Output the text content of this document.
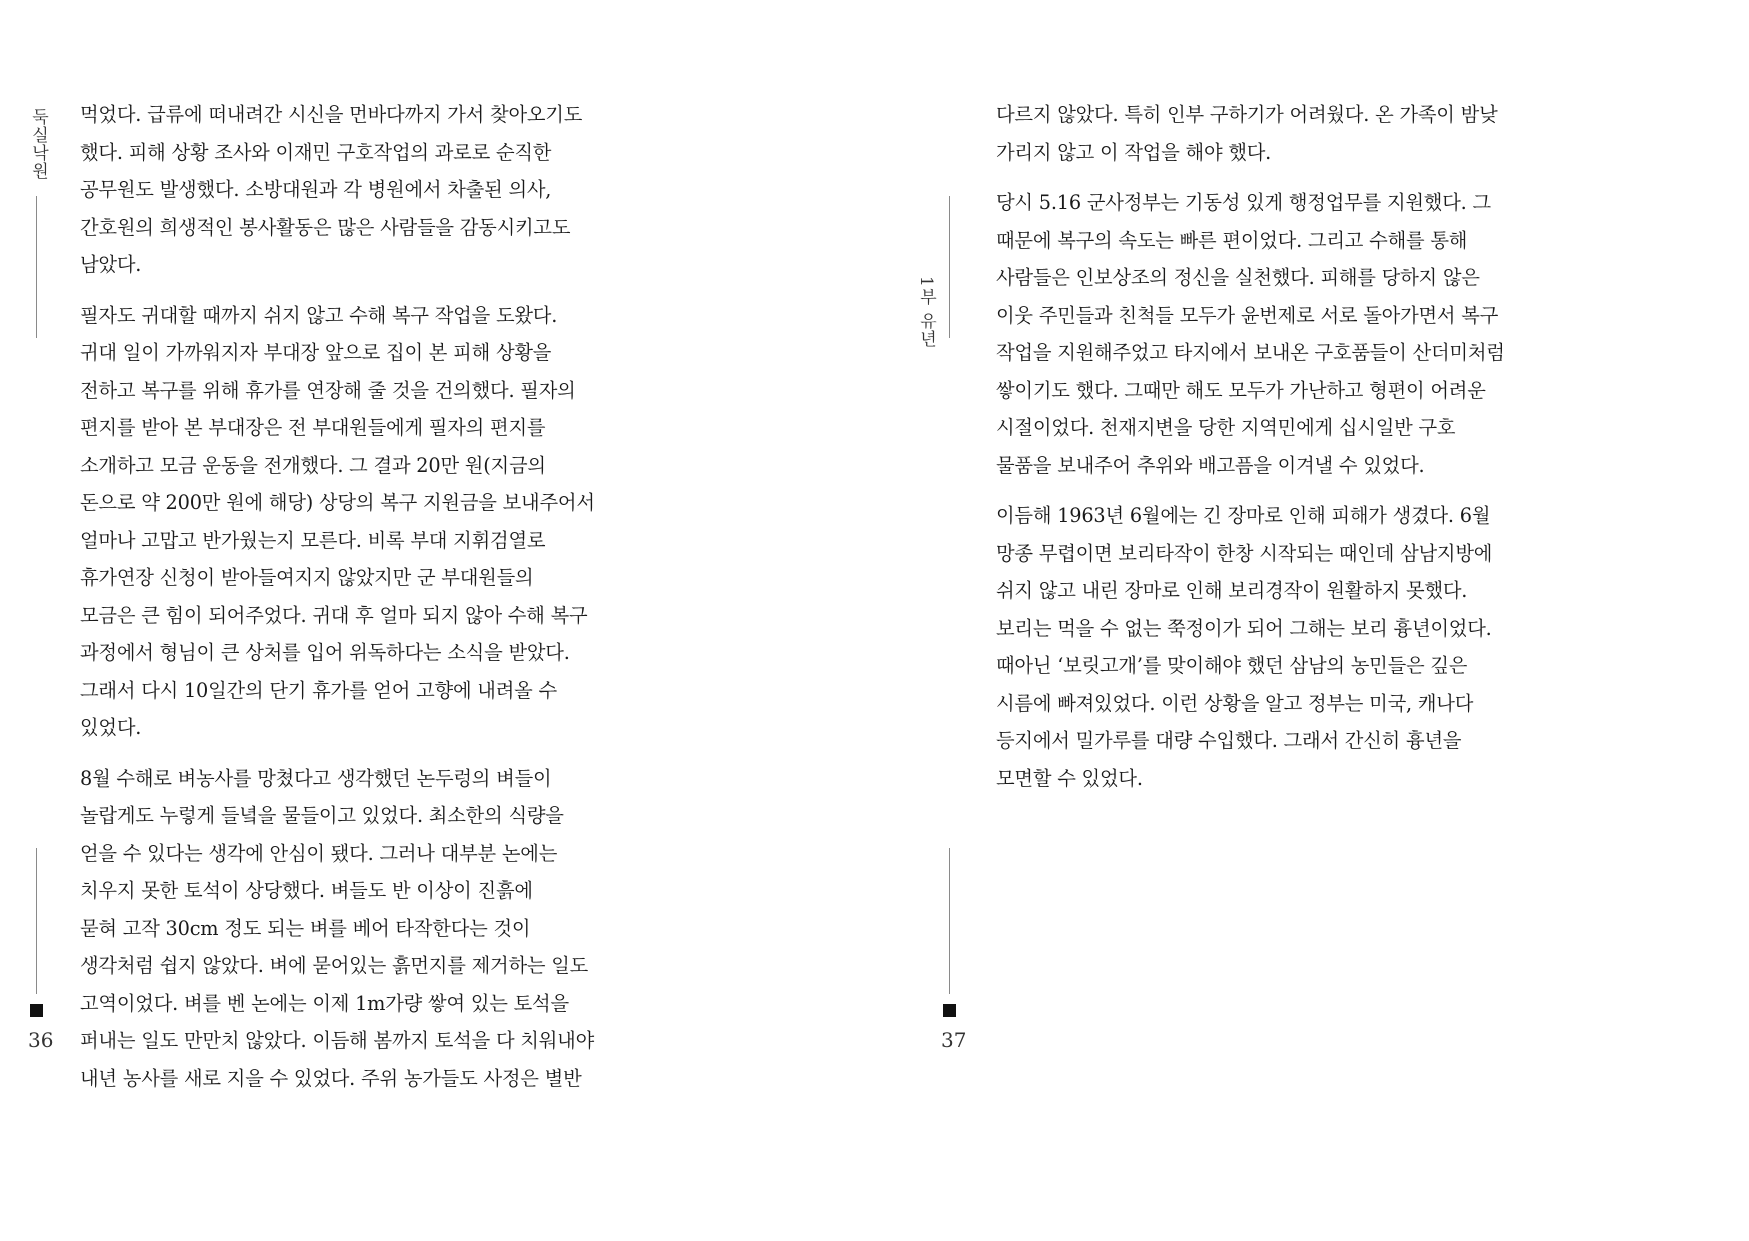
둑실낙원
36

먹었다. 급류에 떠내려간 시신을 먼바다까지 가서 찾아오기도
했다. 피해 상황 조사와 이재민 구호작업의 과로로 순직한
공무원도 발생했다. 소방대원과 각 병원에서 차출된 의사,
간호원의 희생적인 봉사활동은 많은 사람들을 감동시키고도
남았다.

필자도 귀대할 때까지 쉬지 않고 수해 복구 작업을 도왔다.
귀대 일이 가까워지자 부대장 앞으로 집이 본 피해 상황을
전하고 복구를 위해 휴가를 연장해 줄 것을 건의했다. 필자의
편지를 받아 본 부대장은 전 부대원들에게 필자의 편지를
소개하고 모금 운동을 전개했다. 그 결과 20만 원(지금의
돈으로 약 200만 원에 해당) 상당의 복구 지원금을 보내주어서
얼마나 고맙고 반가웠는지 모른다. 비록 부대 지휘검열로
휴가연장 신청이 받아들여지지 않았지만 군 부대원들의
모금은 큰 힘이 되어주었다. 귀대 후 얼마 되지 않아 수해 복구
과정에서 형님이 큰 상처를 입어 위독하다는 소식을 받았다.
그래서 다시 10일간의 단기 휴가를 얻어 고향에 내려올 수
있었다.

8월 수해로 벼농사를 망쳤다고 생각했던 논두렁의 벼들이
놀랍게도 누렇게 들녘을 물들이고 있었다. 최소한의 식량을
얻을 수 있다는 생각에 안심이 됐다. 그러나 대부분 논에는
치우지 못한 토석이 상당했다. 벼들도 반 이상이 진흙에
묻혀 고작 30cm 정도 되는 벼를 베어 타작한다는 것이
생각처럼 쉽지 않았다. 벼에 묻어있는 흙먼지를 제거하는 일도
고역이었다. 벼를 벤 논에는 이제 1m가량 쌓여 있는 토석을
퍼내는 일도 만만치 않았다. 이듬해 봄까지 토석을 다 치워내야
내년 농사를 새로 지을 수 있었다. 주위 농가들도 사정은 별반

1부 유년
37

다르지 않았다. 특히 인부 구하기가 어려웠다. 온 가족이 밤낮
가리지 않고 이 작업을 해야 했다.

당시 5.16 군사정부는 기동성 있게 행정업무를 지원했다. 그
때문에 복구의 속도는 빠른 편이었다. 그리고 수해를 통해
사람들은 인보상조의 정신을 실천했다. 피해를 당하지 않은
이웃 주민들과 친척들 모두가 윤번제로 서로 돌아가면서 복구
작업을 지원해주었고 타지에서 보내온 구호품들이 산더미처럼
쌓이기도 했다. 그때만 해도 모두가 가난하고 형편이 어려운
시절이었다. 천재지변을 당한 지역민에게 십시일반 구호
물품을 보내주어 추위와 배고픔을 이겨낼 수 있었다.

이듬해 1963년 6월에는 긴 장마로 인해 피해가 생겼다. 6월
망종 무렵이면 보리타작이 한창 시작되는 때인데 삼남지방에
쉬지 않고 내린 장마로 인해 보리경작이 원활하지 못했다.
보리는 먹을 수 없는 쭉정이가 되어 그해는 보리 흉년이었다.
때아닌 ‘보릿고개’를 맞이해야 했던 삼남의 농민들은 깊은
시름에 빠져있었다. 이런 상황을 알고 정부는 미국, 캐나다
등지에서 밀가루를 대량 수입했다. 그래서 간신히 흉년을
모면할 수 있었다.
